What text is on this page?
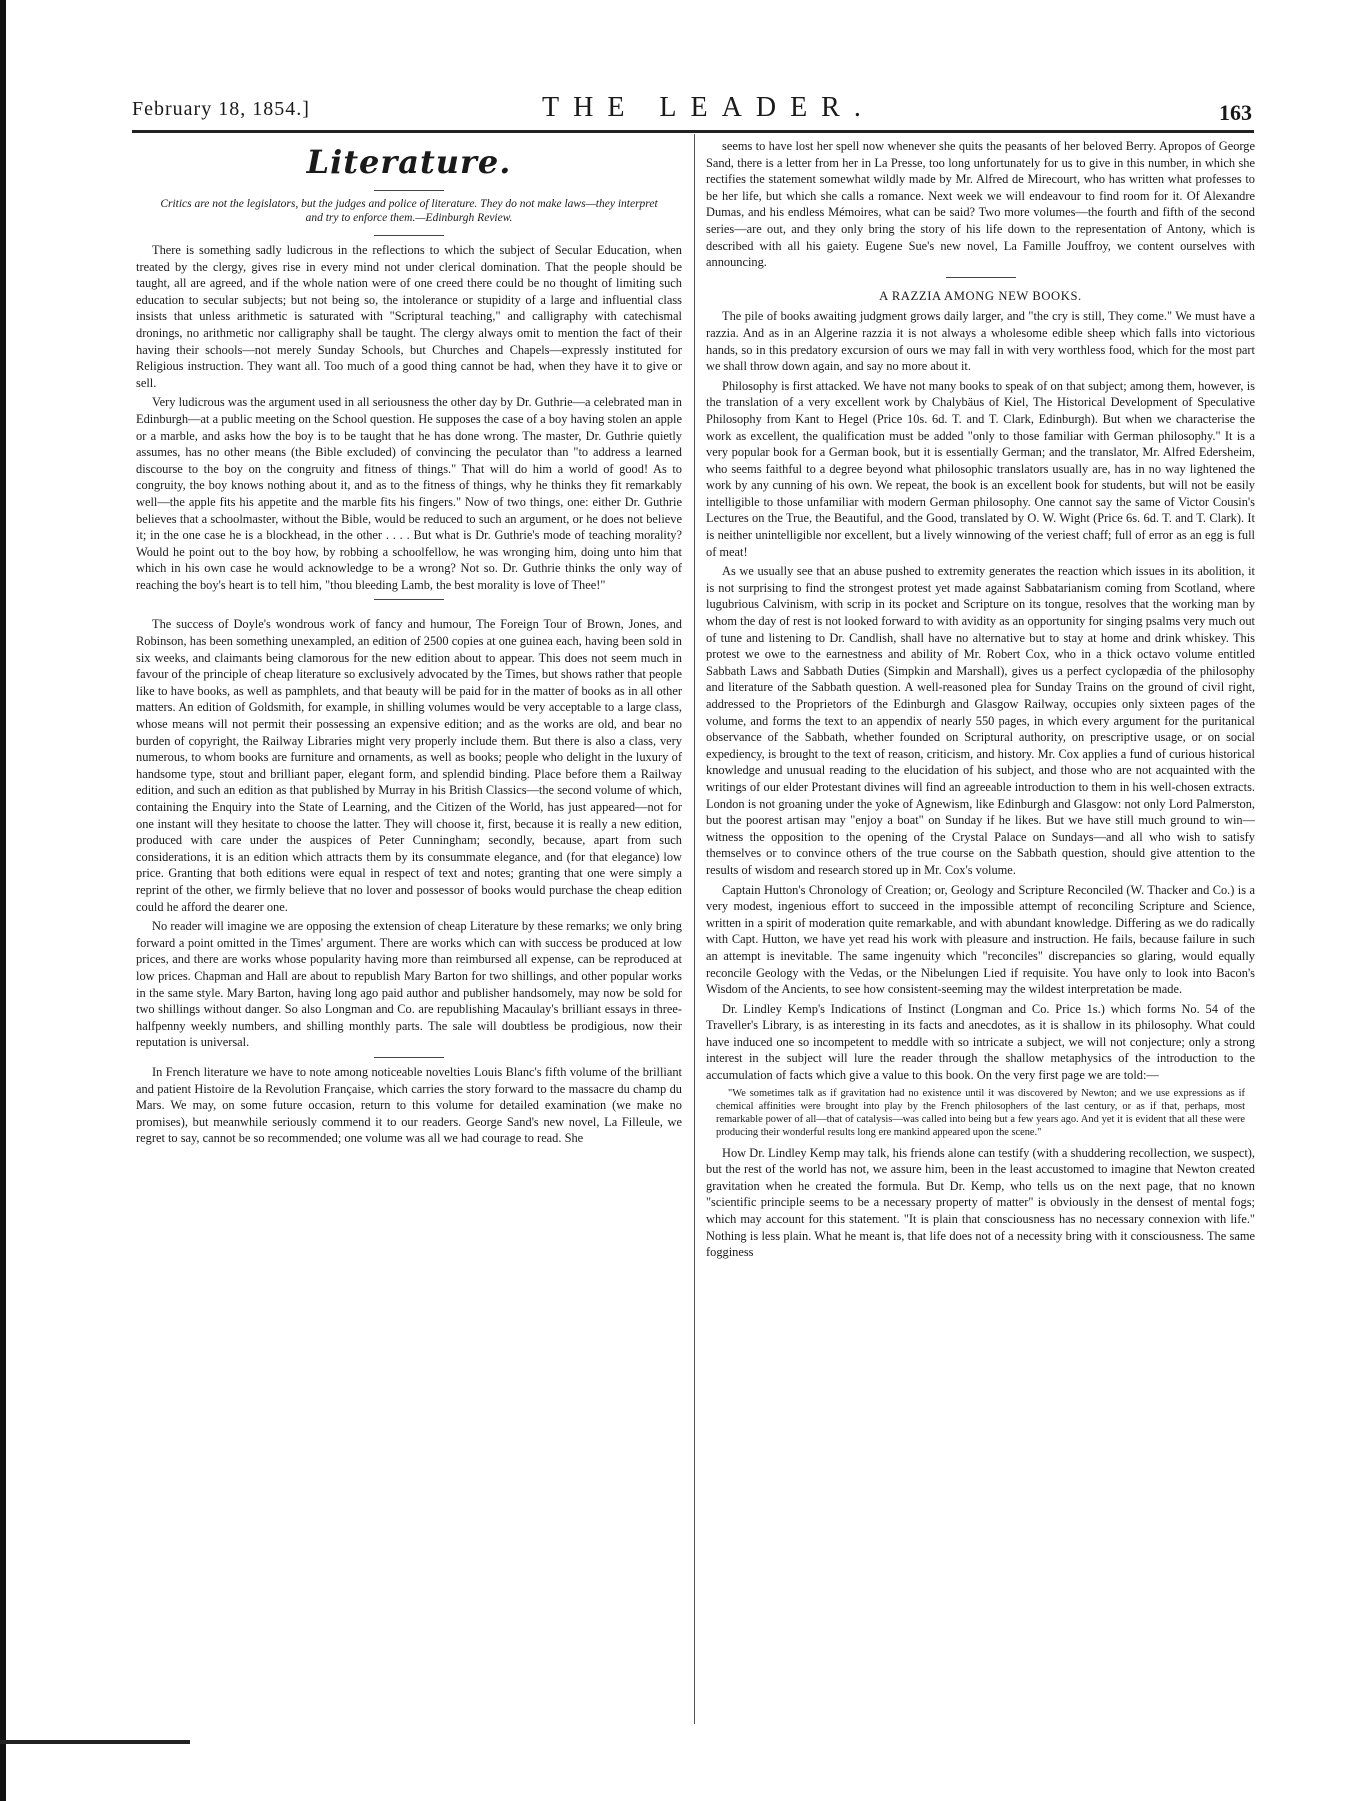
February 18, 1854.]	THE LEADER.	163
Literature.
Critics are not the legislators, but the judges and police of literature. They do not make laws—they interpret and try to enforce them.—Edinburgh Review.

There is something sadly ludicrous in the reflections to which the subject of Secular Education, when treated by the clergy, gives rise in every mind not under clerical domination. That the people should be taught, all are agreed, and if the whole nation were of one creed there could be no thought of limiting such education to secular subjects; but not being so, the intolerance or stupidity of a large and influential class insists that unless arithmetic is saturated with "Scriptural teaching," and calligraphy with catechismal dronings, no arithmetic nor calligraphy shall be taught. The clergy always omit to mention the fact of their having their schools—not merely Sunday Schools, but Churches and Chapels—expressly instituted for Religious instruction. They want all. Too much of a good thing cannot be had, when they have it to give or sell.

Very ludicrous was the argument used in all seriousness the other day by Dr. Guthrie—a celebrated man in Edinburgh—at a public meeting on the School question. He supposes the case of a boy having stolen an apple or a marble, and asks how the boy is to be taught that he has done wrong. The master, Dr. Guthrie quietly assumes, has no other means (the Bible excluded) of convincing the peculator than "to address a learned discourse to the boy on the congruity and fitness of things." That will do him a world of good! As to congruity, the boy knows nothing about it, and as to the fitness of things, why he thinks they fit remarkably well—the apple fits his appetite and the marble fits his fingers." Now of two things, one: either Dr. Guthrie believes that a schoolmaster, without the Bible, would be reduced to such an argument, or he does not believe it; in the one case he is a blockhead, in the other . . . . But what is Dr. Guthrie's mode of teaching morality? Would he point out to the boy how, by robbing a schoolfellow, he was wronging him, doing unto him that which in his own case he would acknowledge to be a wrong? Not so. Dr. Guthrie thinks the only way of reaching the boy's heart is to tell him, "thou bleeding Lamb, the best morality is love of Thee!"

The success of Doyle's wondrous work of fancy and humour, The Foreign Tour of Brown, Jones, and Robinson, has been something unexampled, an edition of 2500 copies at one guinea each, having been sold in six weeks, and claimants being clamorous for the new edition about to appear. This does not seem much in favour of the principle of cheap literature so exclusively advocated by the Times, but shows rather that people like to have books, as well as pamphlets, and that beauty will be paid for in the matter of books as in all other matters. An edition of Goldsmith, for example, in shilling volumes would be very acceptable to a large class, whose means will not permit their possessing an expensive edition; and as the works are old, and bear no burden of copyright, the Railway Libraries might very properly include them. But there is also a class, very numerous, to whom books are furniture and ornaments, as well as books; people who delight in the luxury of handsome type, stout and brilliant paper, elegant form, and splendid binding. Place before them a Railway edition, and such an edition as that published by Murray in his British Classics—the second volume of which, containing the Enquiry into the State of Learning, and the Citizen of the World, has just appeared—not for one instant will they hesitate to choose the latter. They will choose it, first, because it is really a new edition, produced with care under the auspices of Peter Cunningham; secondly, because, apart from such considerations, it is an edition which attracts them by its consummate elegance, and (for that elegance) low price. Granting that both editions were equal in respect of text and notes; granting that one were simply a reprint of the other, we firmly believe that no lover and possessor of books would purchase the cheap edition could he afford the dearer one.

No reader will imagine we are opposing the extension of cheap Literature by these remarks; we only bring forward a point omitted in the Times' argument. There are works which can with success be produced at low prices, and there are works whose popularity having more than reimbursed all expense, can be reproduced at low prices. Chapman and Hall are about to republish Mary Barton for two shillings, and other popular works in the same style. Mary Barton, having long ago paid author and publisher handsomely, may now be sold for two shillings without danger. So also Longman and Co. are republishing Macaulay's brilliant essays in three-halfpenny weekly numbers, and shilling monthly parts. The sale will doubtless be prodigious, now their reputation is universal.

In French literature we have to note among noticeable novelties Louis Blanc's fifth volume of the brilliant and patient Histoire de la Revolution Française, which carries the story forward to the massacre du champ du Mars. We may, on some future occasion, return to this volume for detailed examination (we make no promises), but meanwhile seriously commend it to our readers. George Sand's new novel, La Filleule, we regret to say, cannot be so recommended; one volume was all we had courage to read. She

seems to have lost her spell now whenever she quits the peasants of her beloved Berry. Apropos of George Sand, there is a letter from her in La Presse, too long unfortunately for us to give in this number, in which she rectifies the statement somewhat wildly made by Mr. Alfred de Mirecourt, who has written what professes to be her life, but which she calls a romance. Next week we will endeavour to find room for it. Of Alexandre Dumas, and his endless Mémoires, what can be said? Two more volumes—the fourth and fifth of the second series—are out, and they only bring the story of his life down to the representation of Antony, which is described with all his gaiety. Eugene Sue's new novel, La Famille Jouffroy, we content ourselves with announcing.

A RAZZIA AMONG NEW BOOKS.

The pile of books awaiting judgment grows daily larger, and "the cry is still, They come." We must have a razzia. And as in an Algerine razzia it is not always a wholesome edible sheep which falls into victorious hands, so in this predatory excursion of ours we may fall in with very worthless food, which for the most part we shall throw down again, and say no more about it.

Philosophy is first attacked. We have not many books to speak of on that subject; among them, however, is the translation of a very excellent work by Chalybäus of Kiel, The Historical Development of Speculative Philosophy from Kant to Hegel (Price 10s. 6d. T. and T. Clark, Edinburgh). But when we characterise the work as excellent, the qualification must be added "only to those familiar with German philosophy." It is a very popular book for a German book, but it is essentially German; and the translator, Mr. Alfred Edersheim, who seems faithful to a degree beyond what philosophic translators usually are, has in no way lightened the work by any cunning of his own. We repeat, the book is an excellent book for students, but will not be easily intelligible to those unfamiliar with modern German philosophy. One cannot say the same of Victor Cousin's Lectures on the True, the Beautiful, and the Good, translated by O. W. Wight (Price 6s. 6d. T. and T. Clark). It is neither unintelligible nor excellent, but a lively winnowing of the veriest chaff; full of error as an egg is full of meat!

As we usually see that an abuse pushed to extremity generates the reaction which issues in its abolition, it is not surprising to find the strongest protest yet made against Sabbatarianism coming from Scotland, where lugubrious Calvinism, with scrip in its pocket and Scripture on its tongue, resolves that the working man by whom the day of rest is not looked forward to with avidity as an opportunity for singing psalms very much out of tune and listening to Dr. Candlish, shall have no alternative but to stay at home and drink whiskey. This protest we owe to the earnestness and ability of Mr. Robert Cox, who in a thick octavo volume entitled Sabbath Laws and Sabbath Duties (Simpkin and Marshall), gives us a perfect cyclopædia of the philosophy and literature of the Sabbath question. A well-reasoned plea for Sunday Trains on the ground of civil right, addressed to the Proprietors of the Edinburgh and Glasgow Railway, occupies only sixteen pages of the volume, and forms the text to an appendix of nearly 550 pages, in which every argument for the puritanical observance of the Sabbath, whether founded on Scriptural authority, on prescriptive usage, or on social expediency, is brought to the text of reason, criticism, and history. Mr. Cox applies a fund of curious historical knowledge and unusual reading to the elucidation of his subject, and those who are not acquainted with the writings of our elder Protestant divines will find an agreeable introduction to them in his well-chosen extracts. London is not groaning under the yoke of Agnewism, like Edinburgh and Glasgow: not only Lord Palmerston, but the poorest artisan may "enjoy a boat" on Sunday if he likes. But we have still much ground to win—witness the opposition to the opening of the Crystal Palace on Sundays—and all who wish to satisfy themselves or to convince others of the true course on the Sabbath question, should give attention to the results of wisdom and research stored up in Mr. Cox's volume.

Captain Hutton's Chronology of Creation; or, Geology and Scripture Reconciled (W. Thacker and Co.) is a very modest, ingenious effort to succeed in the impossible attempt of reconciling Scripture and Science, written in a spirit of moderation quite remarkable, and with abundant knowledge. Differing as we do radically with Capt. Hutton, we have yet read his work with pleasure and instruction. He fails, because failure in such an attempt is inevitable. The same ingenuity which "reconciles" discrepancies so glaring, would equally reconcile Geology with the Vedas, or the Nibelungen Lied if requisite. You have only to look into Bacon's Wisdom of the Ancients, to see how consistent-seeming may the wildest interpretation be made.

Dr. Lindley Kemp's Indications of Instinct (Longman and Co. Price 1s.) which forms No. 54 of the Traveller's Library, is as interesting in its facts and anecdotes, as it is shallow in its philosophy. What could have induced one so incompetent to meddle with so intricate a subject, we will not conjecture; only a strong interest in the subject will lure the reader through the shallow metaphysics of the introduction to the accumulation of facts which give a value to this book. On the very first page we are told:—

"We sometimes talk as if gravitation had no existence until it was discovered by Newton; and we use expressions as if chemical affinities were brought into play by the French philosophers of the last century, or as if that, perhaps, most remarkable power of all—that of catalysis—was called into being but a few years ago. And yet it is evident that all these were producing their wonderful results long ere mankind appeared upon the scene."

How Dr. Lindley Kemp may talk, his friends alone can testify (with a shuddering recollection, we suspect), but the rest of the world has not, we assure him, been in the least accustomed to imagine that Newton created gravitation when he created the formula. But Dr. Kemp, who tells us on the next page, that no known "scientific principle seems to be a necessary property of matter" is obviously in the densest of mental fogs; which may account for this statement. "It is plain that consciousness has no necessary connexion with life." Nothing is less plain. What he meant is, that life does not of a necessity bring with it consciousness. The same fogginess
